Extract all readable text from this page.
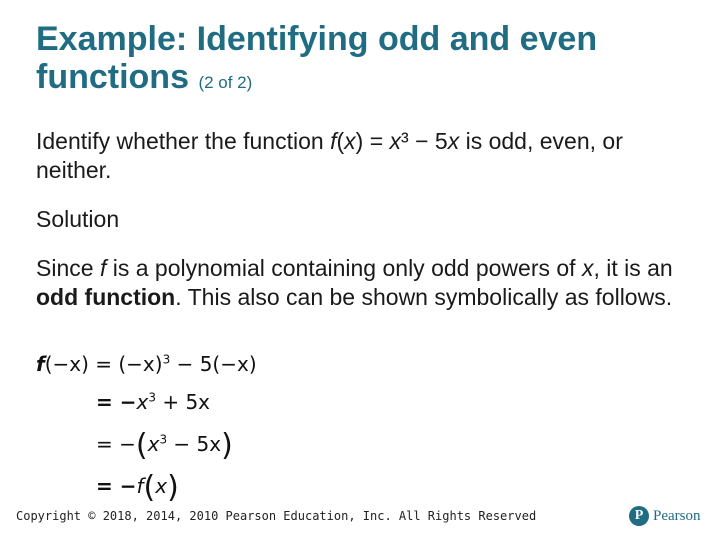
Example: Identifying odd and even functions (2 of 2)

Identify whether the function f(x) = x³ − 5x is odd, even, or neither.

Solution

Since f is a polynomial containing only odd powers of x, it is an odd function. This also can be shown symbolically as follows.

$f(-x) = (-x)^3 - 5(-x)$
= $-x^3 + 5x$
= $-(x^3 - 5x)$
= −f(x)
Copyright © 2018, 2014, 2010 Pearson Education, Inc. All Rights Reserved	P Pearson
